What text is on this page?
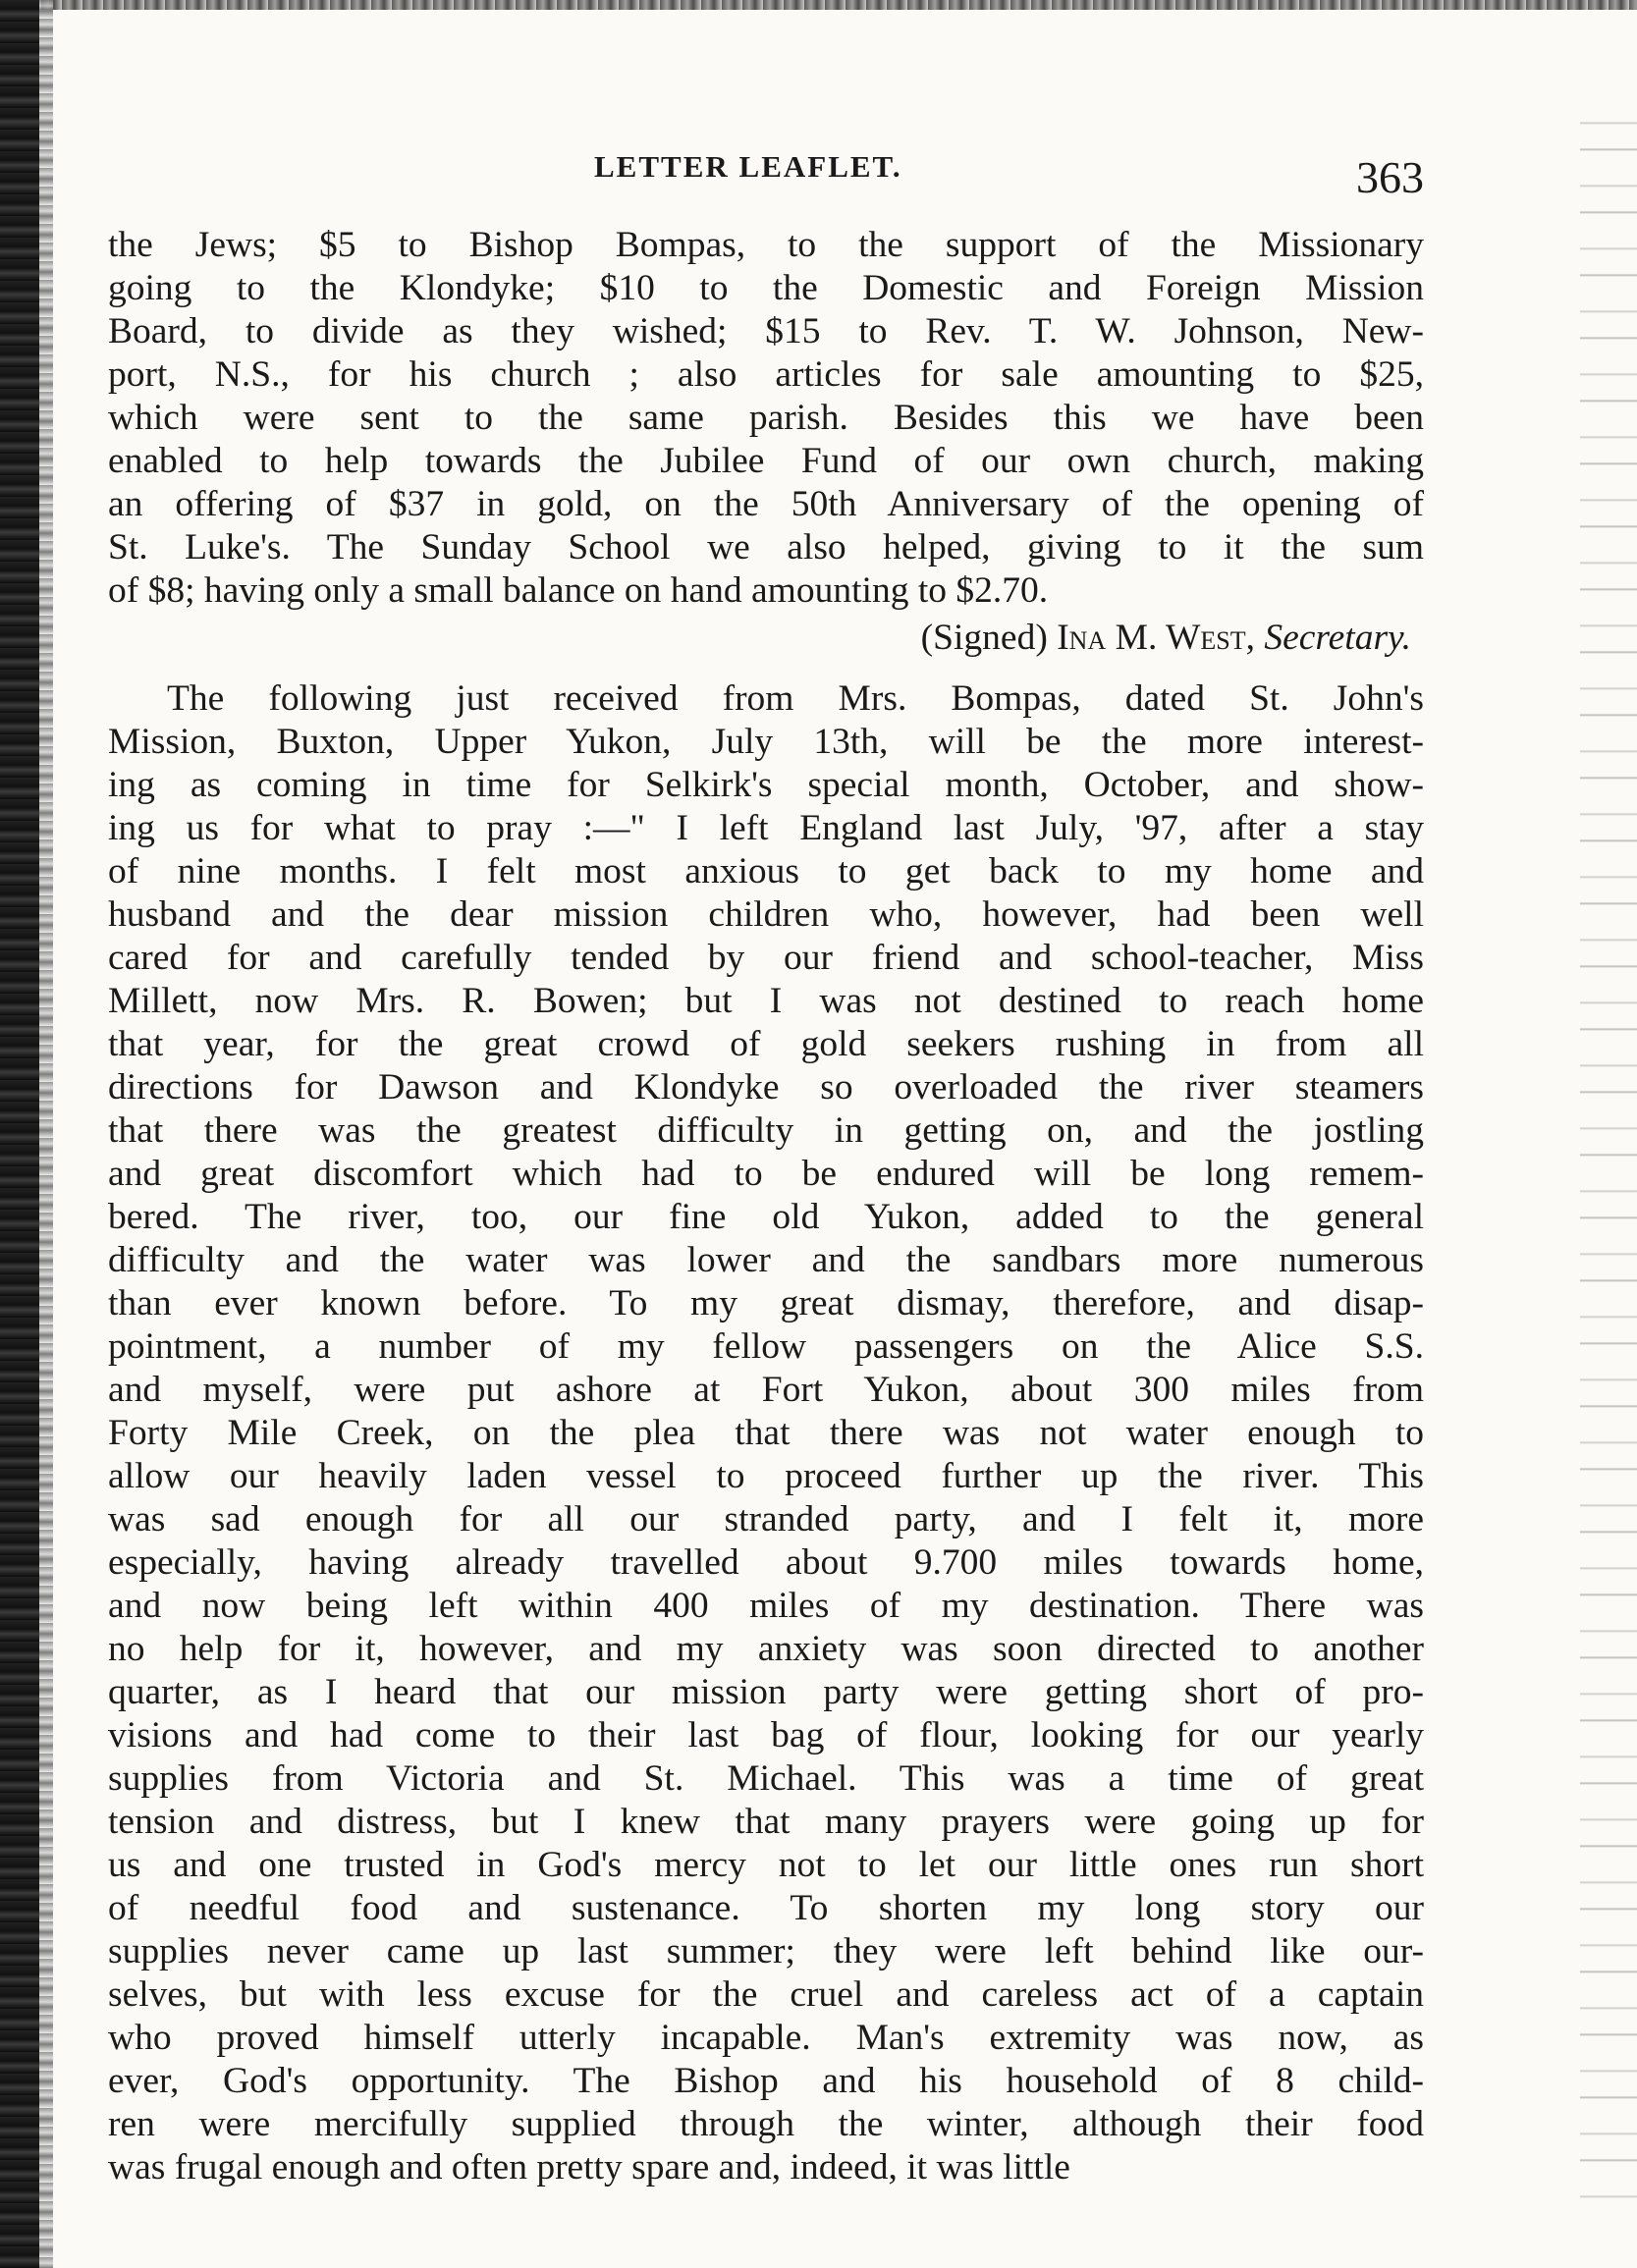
LETTER LEAFLET.	363
the Jews; $5 to Bishop Bompas, to the support of the Missionary
going to the Klondyke; $10 to the Domestic and Foreign Mission
Board, to divide as they wished; $15 to Rev. T. W. Johnson, New-
port, N.S., for his church ; also articles for sale amounting to $25,
which were sent to the same parish. Besides this we have been
enabled to help towards the Jubilee Fund of our own church, making
an offering of $37 in gold, on the 50th Anniversary of the opening of
St. Luke's. The Sunday School we also helped, giving to it the sum
of $8; having only a small balance on hand amounting to $2.70.
(Signed) Ina M. West, Secretary.
The following just received from Mrs. Bompas, dated St. John's
Mission, Buxton, Upper Yukon, July 13th, will be the more interest-
ing as coming in time for Selkirk's special month, October, and show-
ing us for what to pray :—" I left England last July, '97, after a stay
of nine months. I felt most anxious to get back to my home and
husband and the dear mission children who, however, had been well
cared for and carefully tended by our friend and school-teacher, Miss
Millett, now Mrs. R. Bowen; but I was not destined to reach home
that year, for the great crowd of gold seekers rushing in from all
directions for Dawson and Klondyke so overloaded the river steamers
that there was the greatest difficulty in getting on, and the jostling
and great discomfort which had to be endured will be long remem-
bered. The river, too, our fine old Yukon, added to the general
difficulty and the water was lower and the sandbars more numerous
than ever known before. To my great dismay, therefore, and disap-
pointment, a number of my fellow passengers on the Alice S.S.
and myself, were put ashore at Fort Yukon, about 300 miles from
Forty Mile Creek, on the plea that there was not water enough to
allow our heavily laden vessel to proceed further up the river. This
was sad enough for all our stranded party, and I felt it, more
especially, having already travelled about 9.700 miles towards home,
and now being left within 400 miles of my destination. There was
no help for it, however, and my anxiety was soon directed to another
quarter, as I heard that our mission party were getting short of pro-
visions and had come to their last bag of flour, looking for our yearly
supplies from Victoria and St. Michael. This was a time of great
tension and distress, but I knew that many prayers were going up for
us and one trusted in God's mercy not to let our little ones run short
of needful food and sustenance. To shorten my long story our
supplies never came up last summer; they were left behind like our-
selves, but with less excuse for the cruel and careless act of a captain
who proved himself utterly incapable. Man's extremity was now, as
ever, God's opportunity. The Bishop and his household of 8 child-
ren were mercifully supplied through the winter, although their food
was frugal enough and often pretty spare and, indeed, it was little
